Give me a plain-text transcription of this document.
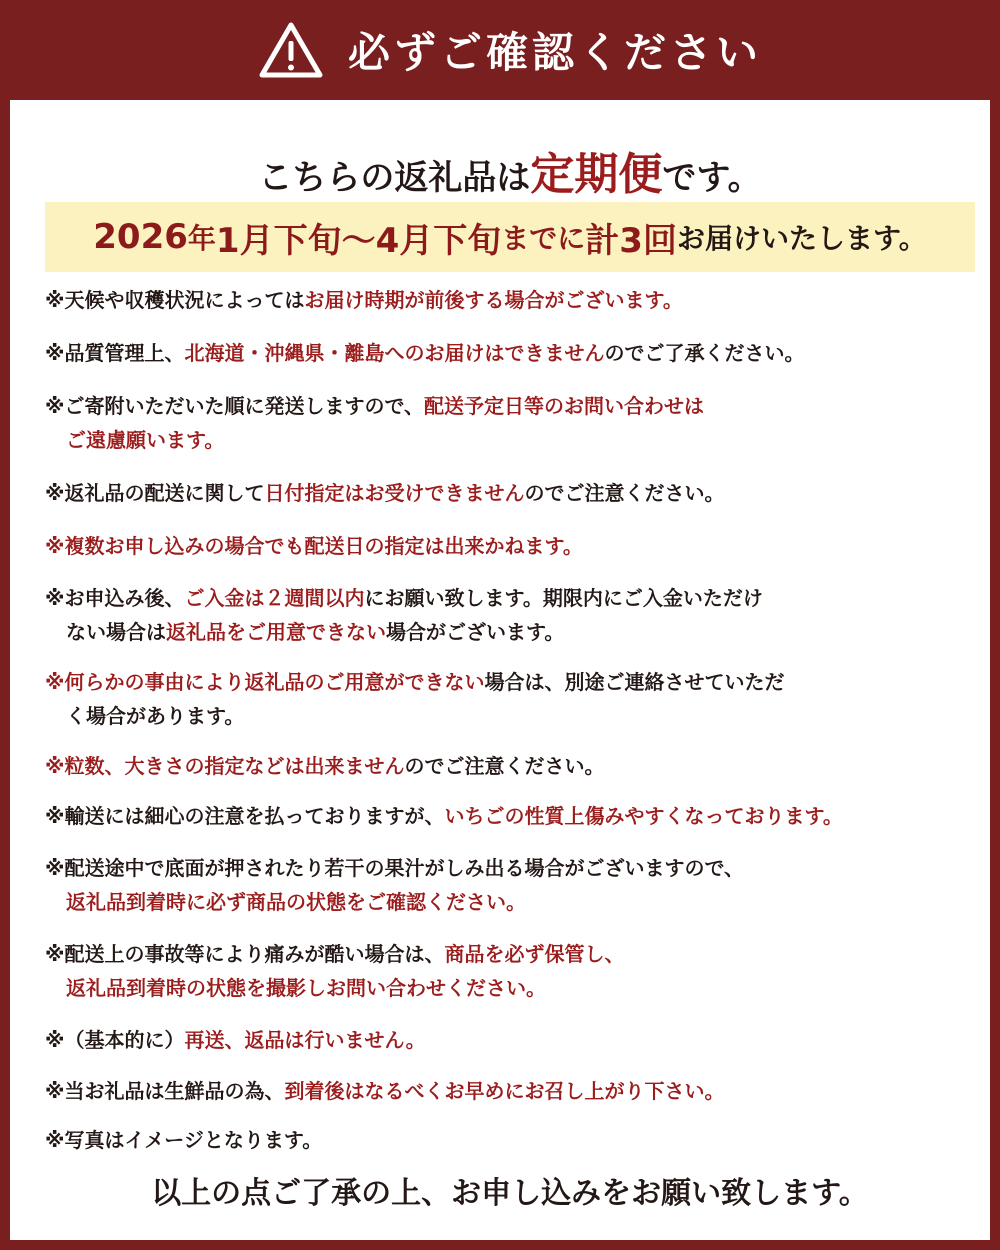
必ずご確認ください
こちらの返礼品は定期便です。
2026 年 1月下旬 ～ 4月下旬 までに 計3回 お届けいたします。
※天候や収穫状況によってはお届け時期が前後する場合がございます。
※品質管理上、北海道・沖縄県・離島へのお届けはできませんのでご了承ください。
※ご寄附いただいた順に発送しますので、配送予定日等のお問い合わせは
ご遠慮願います。
※返礼品の配送に関して日付指定はお受けできませんのでご注意ください。
※複数お申し込みの場合でも配送日の指定は出来かねます。
※お申込み後、ご入金は２週間以内にお願い致します。期限内にご入金いただけ
ない場合は返礼品をご用意できない場合がございます。
※何らかの事由により返礼品のご用意ができない場合は、別途ご連絡させていただ
く場合があります。
※粒数、大きさの指定などは出来ませんのでご注意ください。
※輸送には細心の注意を払っておりますが、いちごの性質上傷みやすくなっております。
※配送途中で底面が押されたり若干の果汁がしみ出る場合がございますので、
返礼品到着時に必ず商品の状態をご確認ください。
※配送上の事故等により痛みが酷い場合は、商品を必ず保管し、
返礼品到着時の状態を撮影しお問い合わせください。
※（基本的に）再送、返品は行いません。
※当お礼品は生鮮品の為、到着後はなるべくお早めにお召し上がり下さい。
※写真はイメージとなります。
以上の点ご了承の上、お申し込みをお願い致します。
